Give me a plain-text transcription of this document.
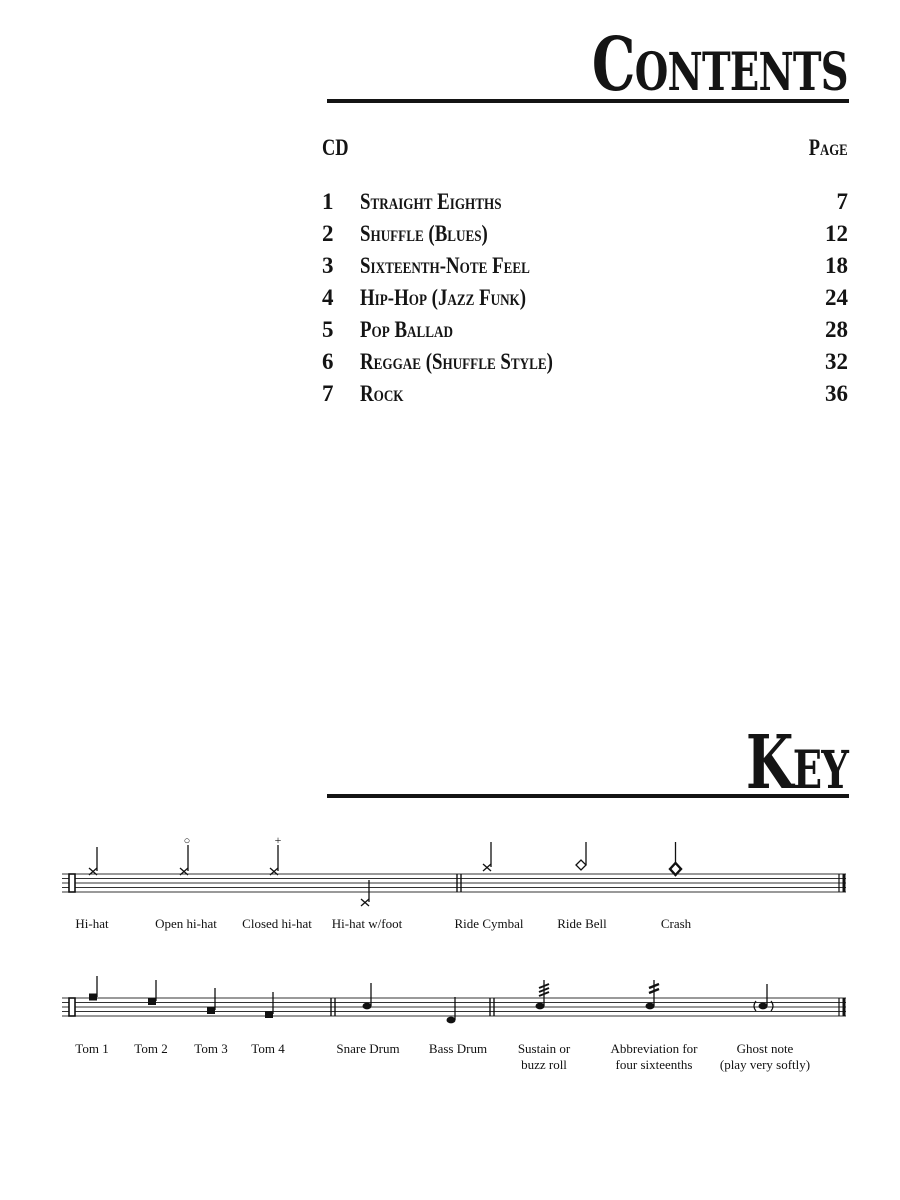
Contents
CD	Page
1 Straight Eighths	7
2 Shuffle (Blues)	12
3 Sixteenth-Note Feel	18
4 Hip-Hop (Jazz Funk)	24
5 Pop Ballad	28
6 Reggae (Shuffle Style)	32
7 Rock	36
Key
○	+
Hi-hat	Open hi-hat	Closed hi-hat	Hi-hat w/foot	Ride Cymbal	Ride Bell	Crash
Tom 1	Tom 2	Tom 3	Tom 4	Snare Drum	Bass Drum	Sustain or
buzz roll
Abbreviation for
four sixteenths
Ghost note
(play very softly)
